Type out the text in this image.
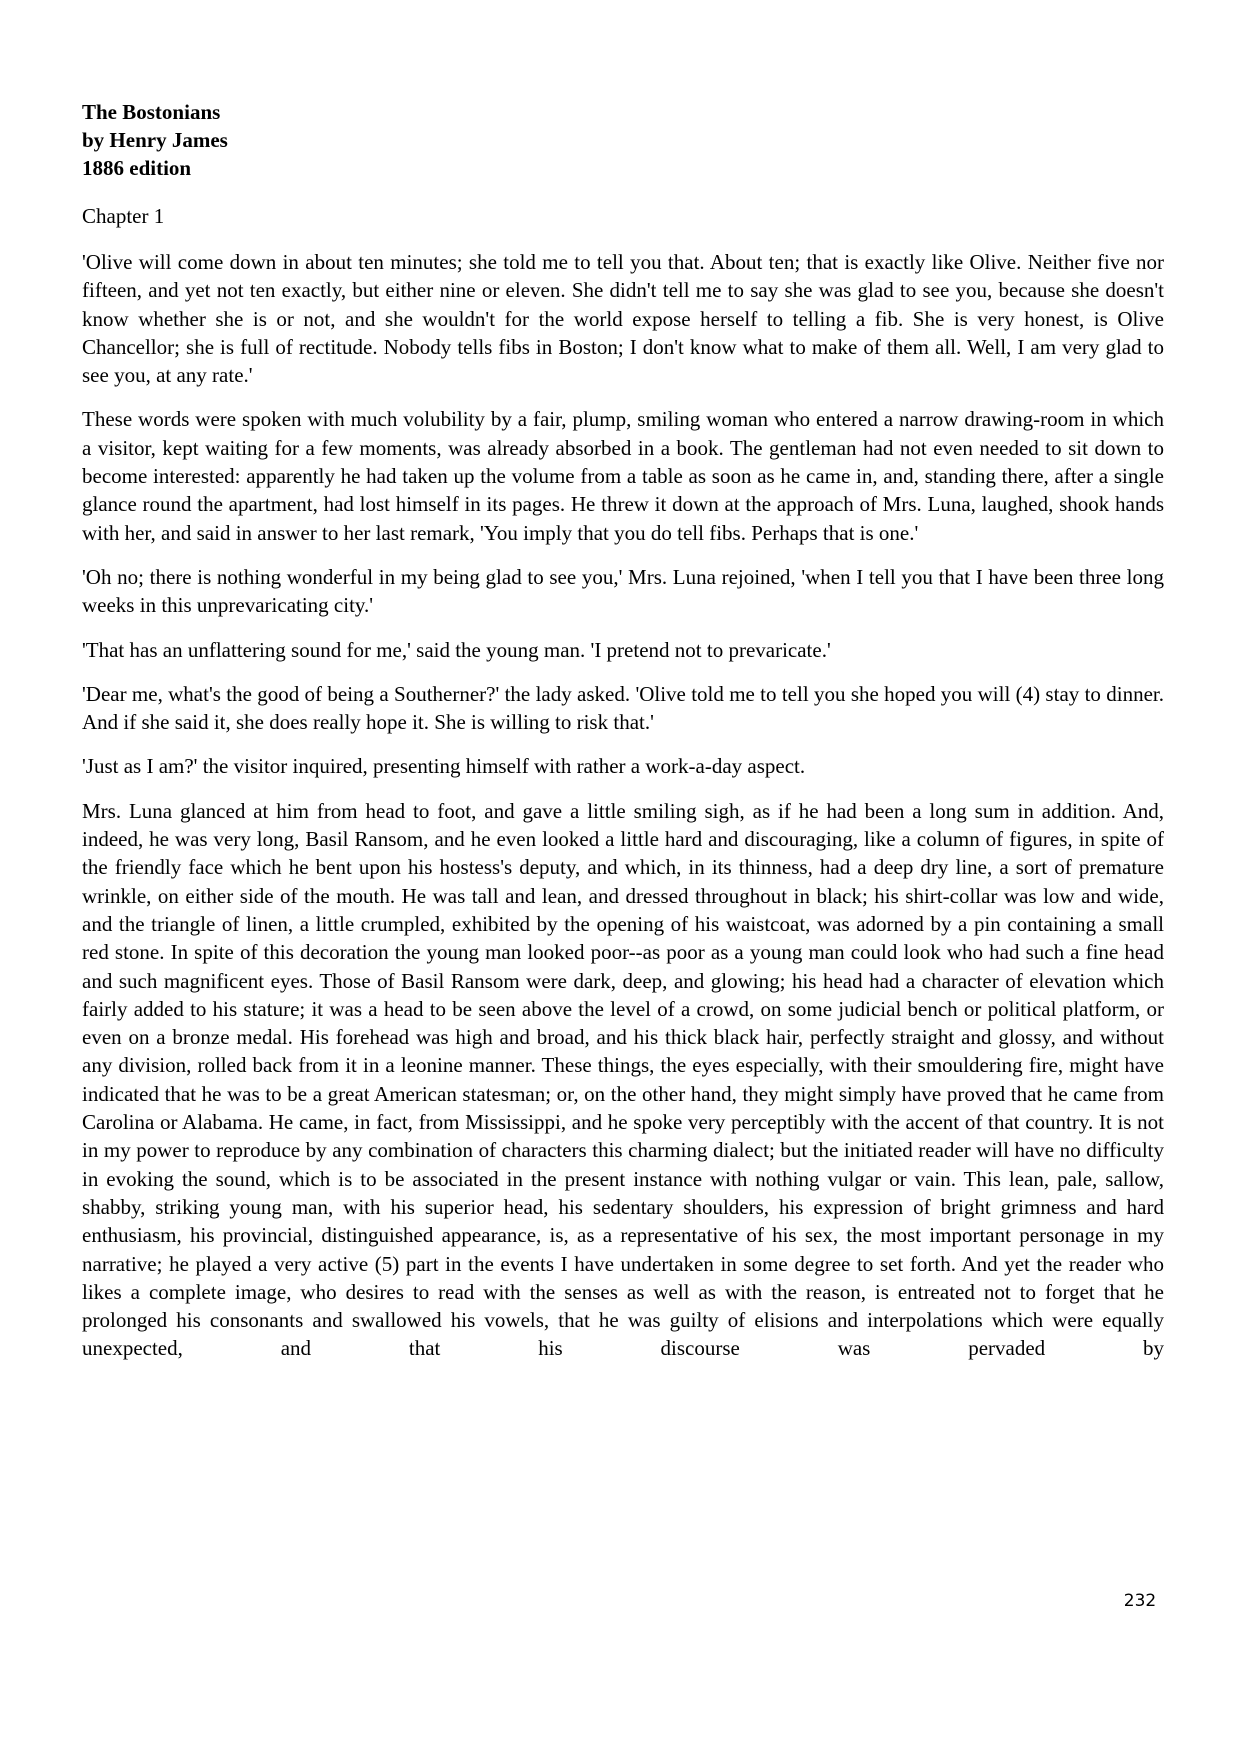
The Bostonians
by Henry James
1886 edition
Chapter 1

'Olive will come down in about ten minutes; she told me to tell you that. About ten; that is exactly like Olive. Neither five nor fifteen, and yet not ten exactly, but either nine or eleven. She didn't tell me to say she was glad to see you, because she doesn't know whether she is or not, and she wouldn't for the world expose herself to telling a fib. She is very honest, is Olive Chancellor; she is full of rectitude. Nobody tells fibs in Boston; I don't know what to make of them all. Well, I am very glad to see you, at any rate.'

These words were spoken with much volubility by a fair, plump, smiling woman who entered a narrow drawing-room in which a visitor, kept waiting for a few moments, was already absorbed in a book. The gentleman had not even needed to sit down to become interested: apparently he had taken up the volume from a table as soon as he came in, and, standing there, after a single glance round the apartment, had lost himself in its pages. He threw it down at the approach of Mrs. Luna, laughed, shook hands with her, and said in answer to her last remark, 'You imply that you do tell fibs. Perhaps that is one.'

'Oh no; there is nothing wonderful in my being glad to see you,' Mrs. Luna rejoined, 'when I tell you that I have been three long weeks in this unprevaricating city.'

'That has an unflattering sound for me,' said the young man. 'I pretend not to prevaricate.'

'Dear me, what's the good of being a Southerner?' the lady asked. 'Olive told me to tell you she hoped you will (4) stay to dinner. And if she said it, she does really hope it. She is willing to risk that.'

'Just as I am?' the visitor inquired, presenting himself with rather a work-a-day aspect.

Mrs. Luna glanced at him from head to foot, and gave a little smiling sigh, as if he had been a long sum in addition. And, indeed, he was very long, Basil Ransom, and he even looked a little hard and discouraging, like a column of figures, in spite of the friendly face which he bent upon his hostess's deputy, and which, in its thinness, had a deep dry line, a sort of premature wrinkle, on either side of the mouth. He was tall and lean, and dressed throughout in black; his shirt-collar was low and wide, and the triangle of linen, a little crumpled, exhibited by the opening of his waistcoat, was adorned by a pin containing a small red stone. In spite of this decoration the young man looked poor--as poor as a young man could look who had such a fine head and such magnificent eyes. Those of Basil Ransom were dark, deep, and glowing; his head had a character of elevation which fairly added to his stature; it was a head to be seen above the level of a crowd, on some judicial bench or political platform, or even on a bronze medal. His forehead was high and broad, and his thick black hair, perfectly straight and glossy, and without any division, rolled back from it in a leonine manner. These things, the eyes especially, with their smouldering fire, might have indicated that he was to be a great American statesman; or, on the other hand, they might simply have proved that he came from Carolina or Alabama. He came, in fact, from Mississippi, and he spoke very perceptibly with the accent of that country. It is not in my power to reproduce by any combination of characters this charming dialect; but the initiated reader will have no difficulty in evoking the sound, which is to be associated in the present instance with nothing vulgar or vain. This lean, pale, sallow, shabby, striking young man, with his superior head, his sedentary shoulders, his expression of bright grimness and hard enthusiasm, his provincial, distinguished appearance, is, as a representative of his sex, the most important personage in my narrative; he played a very active (5) part in the events I have undertaken in some degree to set forth. And yet the reader who likes a complete image, who desires to read with the senses as well as with the reason, is entreated not to forget that he prolonged his consonants and swallowed his vowels, that he was guilty of elisions and interpolations which were equally unexpected, and that his discourse was pervaded by

232
